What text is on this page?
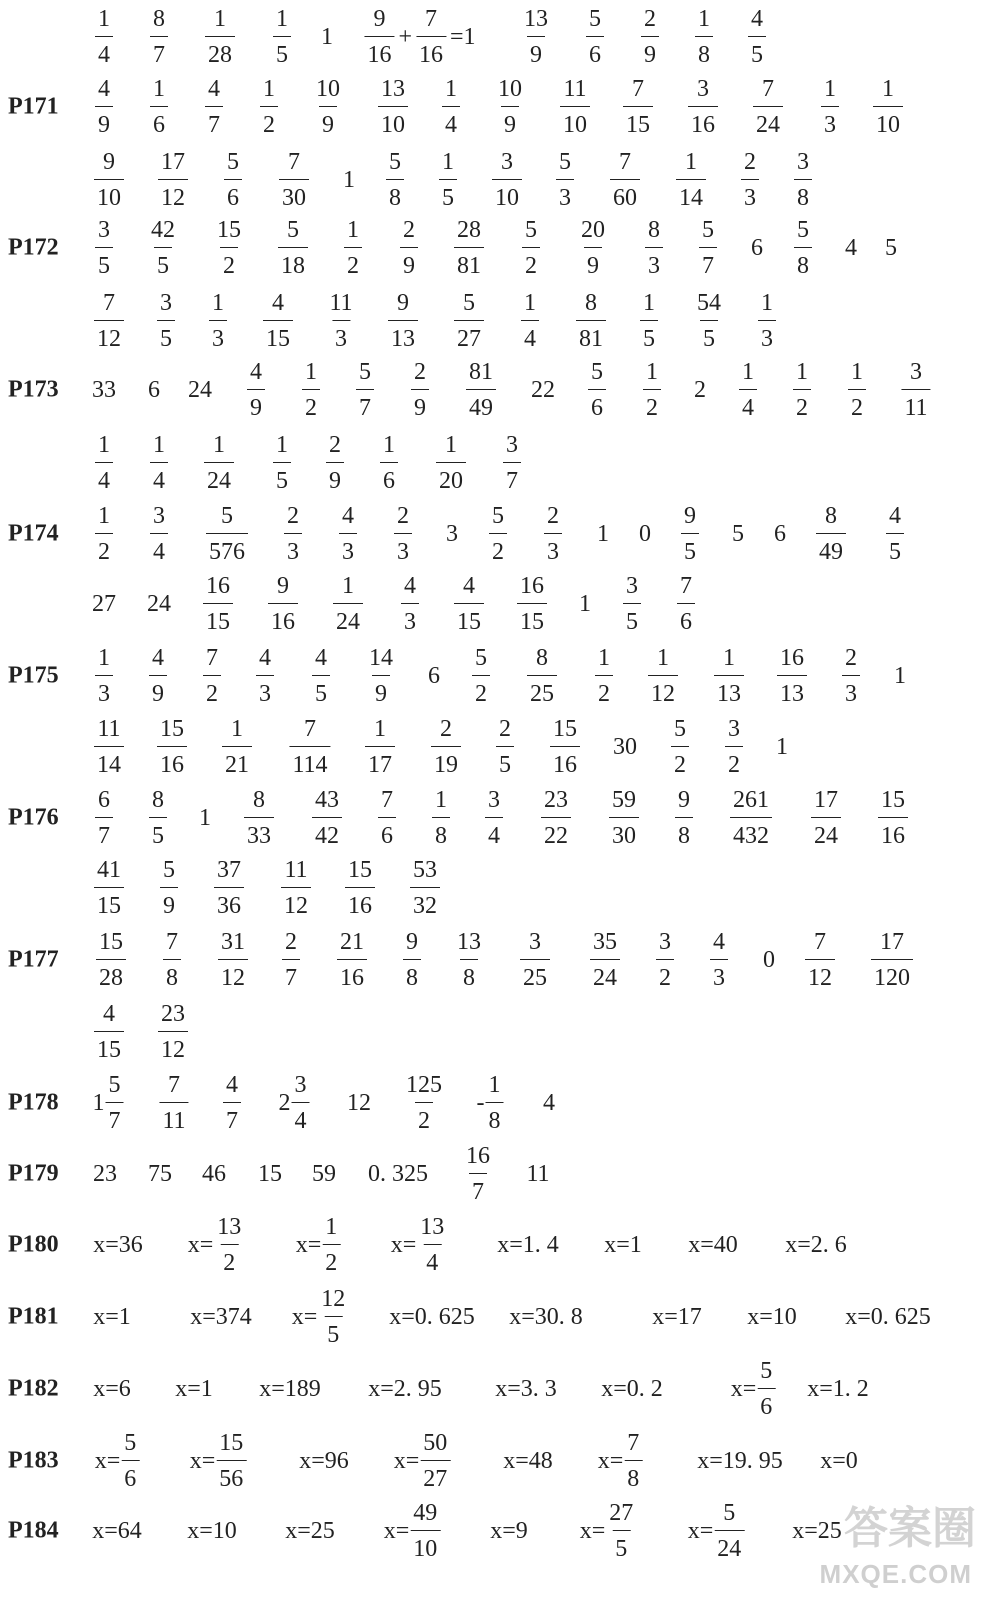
$\frac{1}{4} \frac{8}{7} \frac{1}{28} \frac{1}{5} 1 \frac{9}{16} + \frac{7}{16} =1 \frac{13}{9} \frac{5}{6} \frac{2}{9} \frac{1}{8} \frac{4}{5}$
$P171 \frac{4}{9} \frac{1}{6} \frac{4}{7} \frac{1}{2} \frac{10}{9} \frac{13}{10} \frac{1}{4} \frac{10}{9} \frac{11}{10} \frac{7}{15} \frac{3}{16} \frac{7}{24} \frac{1}{3} \frac{1}{10}$
$\frac{9}{10} \frac{17}{12} \frac{5}{6} \frac{7}{30} 1 \frac{5}{8} \frac{1}{5} \frac{3}{10} \frac{5}{3} \frac{7}{60} \frac{1}{14} \frac{2}{3} \frac{3}{8}$
$P172 \frac{3}{5} \frac{42}{5} \frac{15}{2} \frac{5}{18} \frac{1}{2} \frac{2}{9} \frac{28}{81} \frac{5}{2} \frac{20}{9} \frac{8}{3} \frac{5}{7} 6 \frac{5}{8} 4$ 5
$\frac{7}{12} \frac{3}{5} \frac{1}{3} \frac{4}{15} \frac{11}{3} \frac{9}{13} \frac{5}{27} \frac{1}{4} \frac{8}{81} \frac{1}{5} \frac{54}{5} \frac{1}{3}$
P173 33 6 $24 \frac{4}{9} \frac{1}{2} \frac{5}{7} \frac{2}{9} \frac{81}{49} 22 \frac{5}{6} \frac{1}{2} 2 \frac{1}{4} \frac{1}{2} \frac{1}{2} \frac{3}{11}$
$\frac{1}{4} \frac{1}{4} \frac{1}{24} \frac{1}{5} \frac{2}{9} \frac{1}{6} \frac{1}{20} \frac{3}{7}$
$P174 \frac{1}{2} \frac{3}{4} \frac{5}{576} \frac{2}{3} \frac{4}{3} \frac{2}{3} 3 \frac{5}{2} \frac{2}{3} 1$ $0 \frac{9}{5} 5$ $6 \frac{8}{49} \frac{4}{5}$
27 $24 \frac{16}{15} \frac{9}{16} \frac{1}{24} \frac{4}{3} \frac{4}{15} \frac{16}{15} 1 \frac{3}{5} \frac{7}{6}$
$P175 \frac{1}{3} \frac{4}{9} \frac{7}{2} \frac{4}{3} \frac{4}{5} \frac{14}{9} 6 \frac{5}{2} \frac{8}{25} \frac{1}{2} \frac{1}{12} \frac{1}{13} \frac{16}{13} \frac{2}{3} 1$
$\frac{11}{14} \frac{15}{16} \frac{1}{21} \frac{7}{114} \frac{1}{17} \frac{2}{19} \frac{2}{5} \frac{15}{16} 30 \frac{5}{2} \frac{3}{2} 1$
$P176 \frac{6}{7} \frac{8}{5} 1 \frac{8}{33} \frac{43}{42} \frac{7}{6} \frac{1}{8} \frac{3}{4} \frac{23}{22} \frac{59}{30} \frac{9}{8} \frac{261}{432} \frac{17}{24} \frac{15}{16}$
$\frac{41}{15} \frac{5}{9} \frac{37}{36} \frac{11}{12} \frac{15}{16} \frac{53}{32}$
$P177 \frac{15}{28} \frac{7}{8} \frac{31}{12} \frac{2}{7} \frac{21}{16} \frac{9}{8} \frac{13}{8} \frac{3}{25} \frac{35}{24} \frac{3}{2} \frac{4}{3} 0 \frac{7}{12} \frac{17}{120}$
$\frac{4}{15} \frac{23}{12}$
P178 $1 \frac{5}{7} \frac{7}{11} \frac{4}{7} 2 \frac{3}{4} 12 \frac{125}{2} - \frac{1}{8} 4$
P179 23 75 46 15 59 0. $325 \frac{16}{7} 11$
P180 x=36 $x= \frac{13}{2} x= \frac{1}{2} x= \frac{13}{4} x=1$. 4 x=1 x=40 x=2. 6
P181 x=1 x=374 $x= \frac{12}{5} x=0$. 625 x=30. 8	x=17 x=10 x=0. 625
P182 x=6 x=1 x=189 x=2. 95 x=3. 3 x=0. 2	$x= \frac{5}{6} x=1$. 2
P183 $x= \frac{5}{6} x= \frac{15}{56} x=96$ $x= \frac{50}{27} x=48$ $x= \frac{7}{8} x=19$. 95 x=0
P184 x=64 x=10 x=25 $x= \frac{49}{10} x=9$ $x= \frac{27}{5} x= \frac{5}{24} x=25$ 答案圈
MXQE.COM
